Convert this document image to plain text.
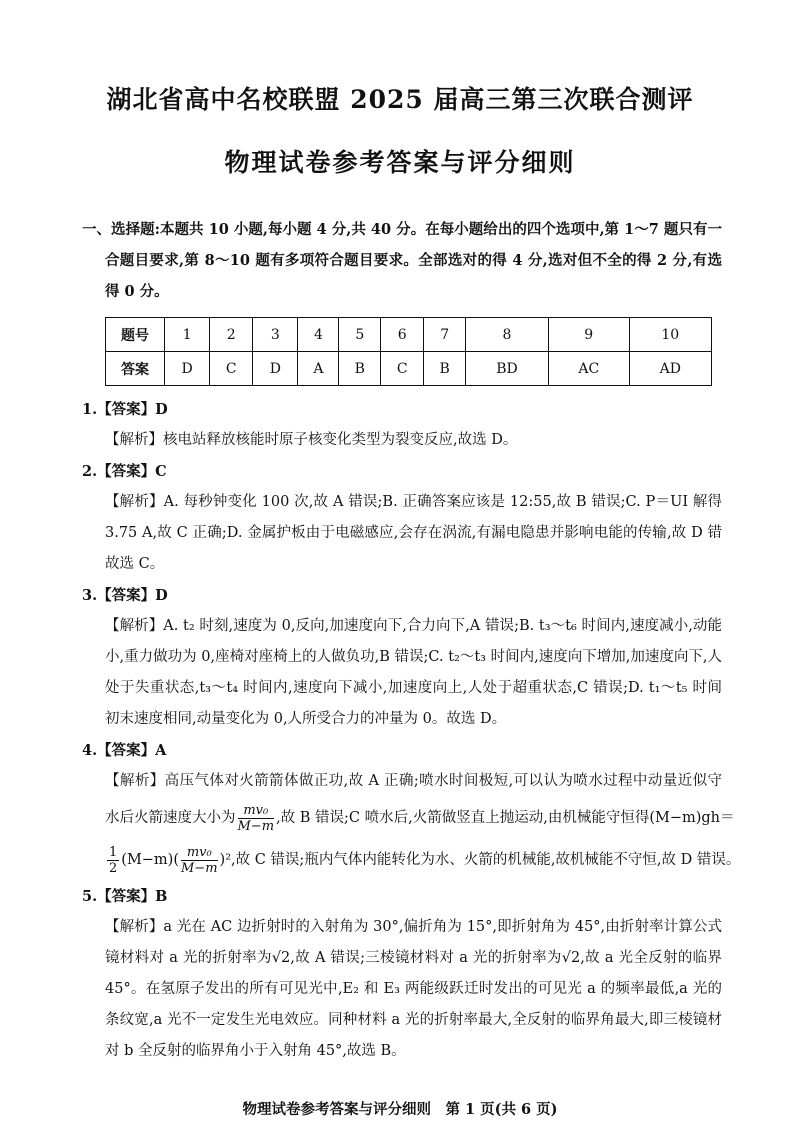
湖北省高中名校联盟 2025 届高三第三次联合测评
物理试卷参考答案与评分细则
一、选择题:本题共 10 小题,每小题 4 分,共 40 分。在每小题给出的四个选项中,第 1～7 题只有一
合题目要求,第 8～10 题有多项符合题目要求。全部选对的得 4 分,选对但不全的得 2 分,有选
得 0 分。
题号	1	2	3	4	5	6	7	8	9	10
答案	D	C	D	A	B	C	B	BD	AC	AD
1.【答案】D
【解析】核电站释放核能时原子核变化类型为裂变反应,故选 D。
2.【答案】C
【解析】A. 每秒钟变化 100 次,故 A 错误;B. 正确答案应该是 12:55,故 B 错误;C. P＝UI 解得
3.75 A,故 C 正确;D. 金属护板由于电磁感应,会存在涡流,有漏电隐患并影响电能的传输,故 D 错
故选 C。
3.【答案】D
【解析】A. t₂ 时刻,速度为 0,反向,加速度向下,合力向下,A 错误;B. t₃～t₆ 时间内,速度减小,动能
小,重力做功为 0,座椅对座椅上的人做负功,B 错误;C. t₂～t₃ 时间内,速度向下增加,加速度向下,人
处于失重状态,t₃～t₄ 时间内,速度向下减小,加速度向上,人处于超重状态,C 错误;D. t₁～t₅ 时间
初末速度相同,动量变化为 0,人所受合力的冲量为 0。故选 D。
4.【答案】A
【解析】高压气体对火箭箭体做正功,故 A 正确;喷水时间极短,可以认为喷水过程中动量近似守
水后火箭速度大小为 $\frac{\text{mv₀}}{M-m}$ ,故 B 错误;C 喷水后,火箭做竖直上抛运动,由机械能守恒得(M−m)gh＝
$\frac{1}{2} (M-m)( \frac{\text{mv₀}}{M-m} )^2$,故 C 错误;瓶内气体内能转化为水、火箭的机械能,故机械能不守恒,故 D 错误。
5.【答案】B
【解析】a 光在 AC 边折射时的入射角为 30°,偏折角为 15°,即折射角为 45°,由折射率计算公式
镜材料对 a 光的折射率为√2,故 A 错误;三棱镜材料对 a 光的折射率为√2,故 a 光全反射的临界
45°。在氢原子发出的所有可见光中,E₂ 和 E₃ 两能级跃迁时发出的可见光 a 的频率最低,a 光的
条纹宽,a 光不一定发生光电效应。同种材料 a 光的折射率最大,全反射的临界角最大,即三棱镜材
对 b 全反射的临界角小于入射角 45°,故选 B。
物理试卷参考答案与评分细则　第 1 页(共 6 页)
